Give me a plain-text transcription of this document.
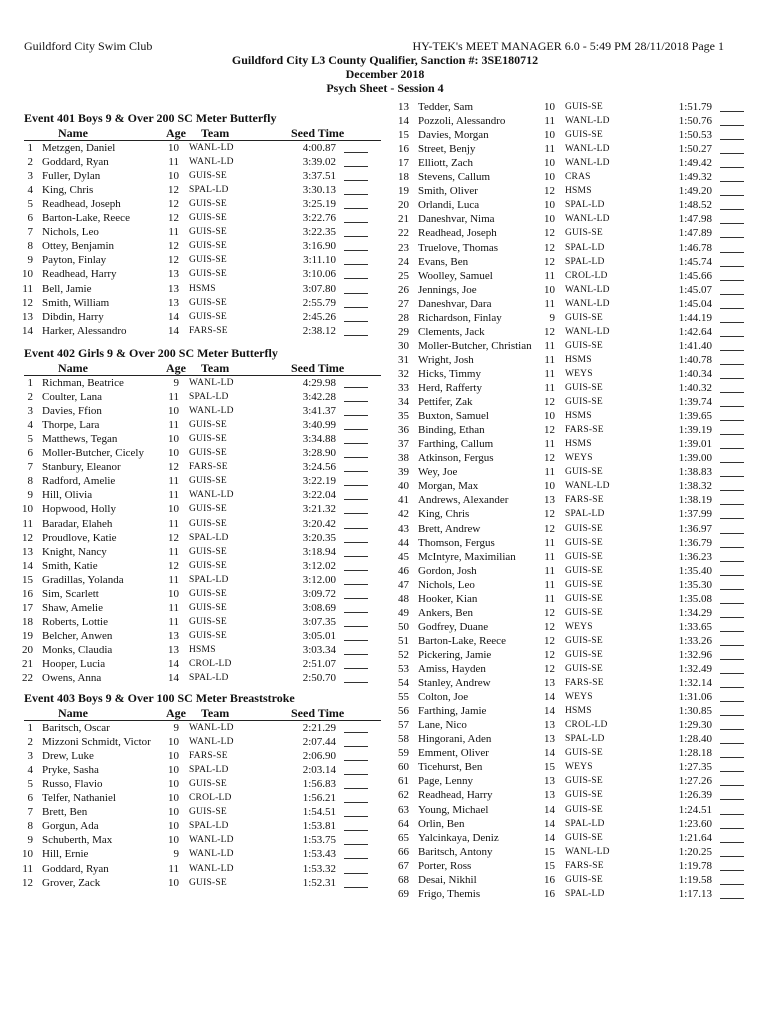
Guildford City Swim Club	HY-TEK's MEET MANAGER 6.0 - 5:49 PM 28/11/2018 Page 1
Guildford City L3 County Qualifier, Sanction #: 3SE180712
December 2018
Psych Sheet - Session 4
Event 401 Boys 9 & Over 200 SC Meter Butterfly
Name	Age Team	Seed Time
1 Metzgen, Daniel	10 WANL-LD	4:00.87
2 Goddard, Ryan	11 WANL-LD	3:39.02
3 Fuller, Dylan	10 GUIS-SE	3:37.51
4 King, Chris	12 SPAL-LD	3:30.13
5 Readhead, Joseph	12 GUIS-SE	3:25.19
6 Barton-Lake, Reece	12 GUIS-SE	3:22.76
7 Nichols, Leo	11 GUIS-SE	3:22.35
8 Ottey, Benjamin	12 GUIS-SE	3:16.90
9 Payton, Finlay	12 GUIS-SE	3:11.10
10 Readhead, Harry	13 GUIS-SE	3:10.06
11 Bell, Jamie	13 HSMS	3:07.80
12 Smith, William	13 GUIS-SE	2:55.79
13 Dibdin, Harry	14 GUIS-SE	2:45.26
14 Harker, Alessandro	14 FARS-SE	2:38.12
Event 402 Girls 9 & Over 200 SC Meter Butterfly
Name	Age Team	Seed Time
1 Richman, Beatrice	9 WANL-LD	4:29.98
2 Coulter, Lana	11 SPAL-LD	3:42.28
3 Davies, Ffion	10 WANL-LD	3:41.37
4 Thorpe, Lara	11 GUIS-SE	3:40.99
5 Matthews, Tegan	10 GUIS-SE	3:34.88
6 Moller-Butcher, Cicely	10 GUIS-SE	3:28.90
7 Stanbury, Eleanor	12 FARS-SE	3:24.56
8 Radford, Amelie	11 GUIS-SE	3:22.19
9 Hill, Olivia	11 WANL-LD	3:22.04
10 Hopwood, Holly	10 GUIS-SE	3:21.32
11 Baradar, Elaheh	11 GUIS-SE	3:20.42
12 Proudlove, Katie	12 SPAL-LD	3:20.35
13 Knight, Nancy	11 GUIS-SE	3:18.94
14 Smith, Katie	12 GUIS-SE	3:12.02
15 Gradillas, Yolanda	11 SPAL-LD	3:12.00
16 Sim, Scarlett	10 GUIS-SE	3:09.72
17 Shaw, Amelie	11 GUIS-SE	3:08.69
18 Roberts, Lottie	11 GUIS-SE	3:07.35
19 Belcher, Anwen	13 GUIS-SE	3:05.01
20 Monks, Claudia	13 HSMS	3:03.34
21 Hooper, Lucia	14 CROL-LD	2:51.07
22 Owens, Anna	14 SPAL-LD	2:50.70
Event 403 Boys 9 & Over 100 SC Meter Breaststroke
Name	Age Team	Seed Time
1 Baritsch, Oscar	9 WANL-LD	2:21.29
2 Mizzoni Schmidt, Victor	10 WANL-LD	2:07.44
3 Drew, Luke	10 FARS-SE	2:06.90
4 Pryke, Sasha	10 SPAL-LD	2:03.14
5 Russo, Flavio	10 GUIS-SE	1:56.83
6 Telfer, Nathaniel	10 CROL-LD	1:56.21
7 Brett, Ben	10 GUIS-SE	1:54.51
8 Gorgun, Ada	10 SPAL-LD	1:53.81
9 Schuberth, Max	10 WANL-LD	1:53.75
10 Hill, Ernie	9 WANL-LD	1:53.43
11 Goddard, Ryan	11 WANL-LD	1:53.32
12 Grover, Zack	10 GUIS-SE	1:52.31
13 Tedder, Sam	10 GUIS-SE	1:51.79
14 Pozzoli, Alessandro	11 WANL-LD	1:50.76
15 Davies, Morgan	10 GUIS-SE	1:50.53
16 Street, Benjy	11 WANL-LD	1:50.27
17 Elliott, Zach	10 WANL-LD	1:49.42
18 Stevens, Callum	10 CRAS	1:49.32
19 Smith, Oliver	12 HSMS	1:49.20
20 Orlandi, Luca	10 SPAL-LD	1:48.52
21 Daneshvar, Nima	10 WANL-LD	1:47.98
22 Readhead, Joseph	12 GUIS-SE	1:47.89
23 Truelove, Thomas	12 SPAL-LD	1:46.78
24 Evans, Ben	12 SPAL-LD	1:45.74
25 Woolley, Samuel	11 CROL-LD	1:45.66
26 Jennings, Joe	10 WANL-LD	1:45.07
27 Daneshvar, Dara	11 WANL-LD	1:45.04
28 Richardson, Finlay	9 GUIS-SE	1:44.19
29 Clements, Jack	12 WANL-LD	1:42.64
30 Moller-Butcher, Christian	11 GUIS-SE	1:41.40
31 Wright, Josh	11 HSMS	1:40.78
32 Hicks, Timmy	11 WEYS	1:40.34
33 Herd, Rafferty	11 GUIS-SE	1:40.32
34 Pettifer, Zak	12 GUIS-SE	1:39.74
35 Buxton, Samuel	10 HSMS	1:39.65
36 Binding, Ethan	12 FARS-SE	1:39.19
37 Farthing, Callum	11 HSMS	1:39.01
38 Atkinson, Fergus	12 WEYS	1:39.00
39 Wey, Joe	11 GUIS-SE	1:38.83
40 Morgan, Max	10 WANL-LD	1:38.32
41 Andrews, Alexander	13 FARS-SE	1:38.19
42 King, Chris	12 SPAL-LD	1:37.99
43 Brett, Andrew	12 GUIS-SE	1:36.97
44 Thomson, Fergus	11 GUIS-SE	1:36.79
45 McIntyre, Maximilian	11 GUIS-SE	1:36.23
46 Gordon, Josh	11 GUIS-SE	1:35.40
47 Nichols, Leo	11 GUIS-SE	1:35.30
48 Hooker, Kian	11 GUIS-SE	1:35.08
49 Ankers, Ben	12 GUIS-SE	1:34.29
50 Godfrey, Duane	12 WEYS	1:33.65
51 Barton-Lake, Reece	12 GUIS-SE	1:33.26
52 Pickering, Jamie	12 GUIS-SE	1:32.96
53 Amiss, Hayden	12 GUIS-SE	1:32.49
54 Stanley, Andrew	13 FARS-SE	1:32.14
55 Colton, Joe	14 WEYS	1:31.06
56 Farthing, Jamie	14 HSMS	1:30.85
57 Lane, Nico	13 CROL-LD	1:29.30
58 Hingorani, Aden	13 SPAL-LD	1:28.40
59 Emment, Oliver	14 GUIS-SE	1:28.18
60 Ticehurst, Ben	15 WEYS	1:27.35
61 Page, Lenny	13 GUIS-SE	1:27.26
62 Readhead, Harry	13 GUIS-SE	1:26.39
63 Young, Michael	14 GUIS-SE	1:24.51
64 Orlin, Ben	14 SPAL-LD	1:23.60
65 Yalcinkaya, Deniz	14 GUIS-SE	1:21.64
66 Baritsch, Antony	15 WANL-LD	1:20.25
67 Porter, Ross	15 FARS-SE	1:19.78
68 Desai, Nikhil	16 GUIS-SE	1:19.58
69 Frigo, Themis	16 SPAL-LD	1:17.13
